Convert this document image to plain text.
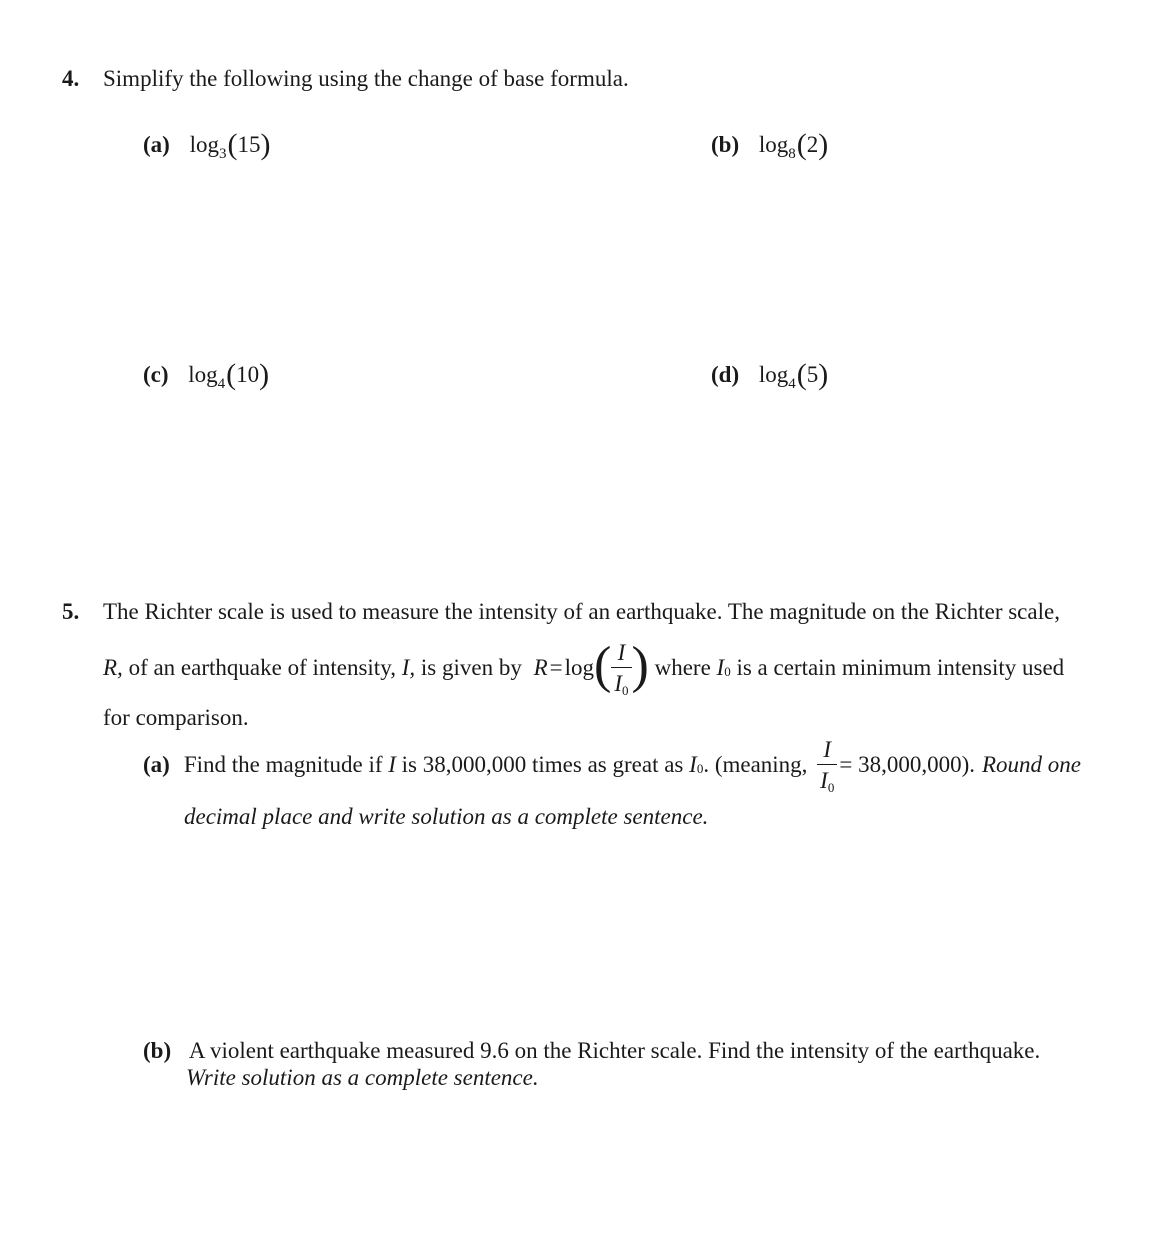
4. Simplify the following using the change of base formula.
(a) $\log_3(15)$	(b) $\log_8(2)$
(c) $\log_4(10)$	(d) $\log_4(5)$
5. The Richter scale is used to measure the intensity of an earthquake. The magnitude on the Richter scale,
R, of an earthquake of intensity, I, is given by R = log ( $\frac{I}{I0}$ ) where I 0 is a certain minimum intensity used
for comparison.
(a) Find the magnitude if I is 38,000,000 times as great as I 0 . (meaning, $\frac{I}{I0} = 38,000,000$ ). Round one
decimal place and write solution as a complete sentence.
(b) A violent earthquake measured 9.6 on the Richter scale. Find the intensity of the earthquake.
Write solution as a complete sentence.
